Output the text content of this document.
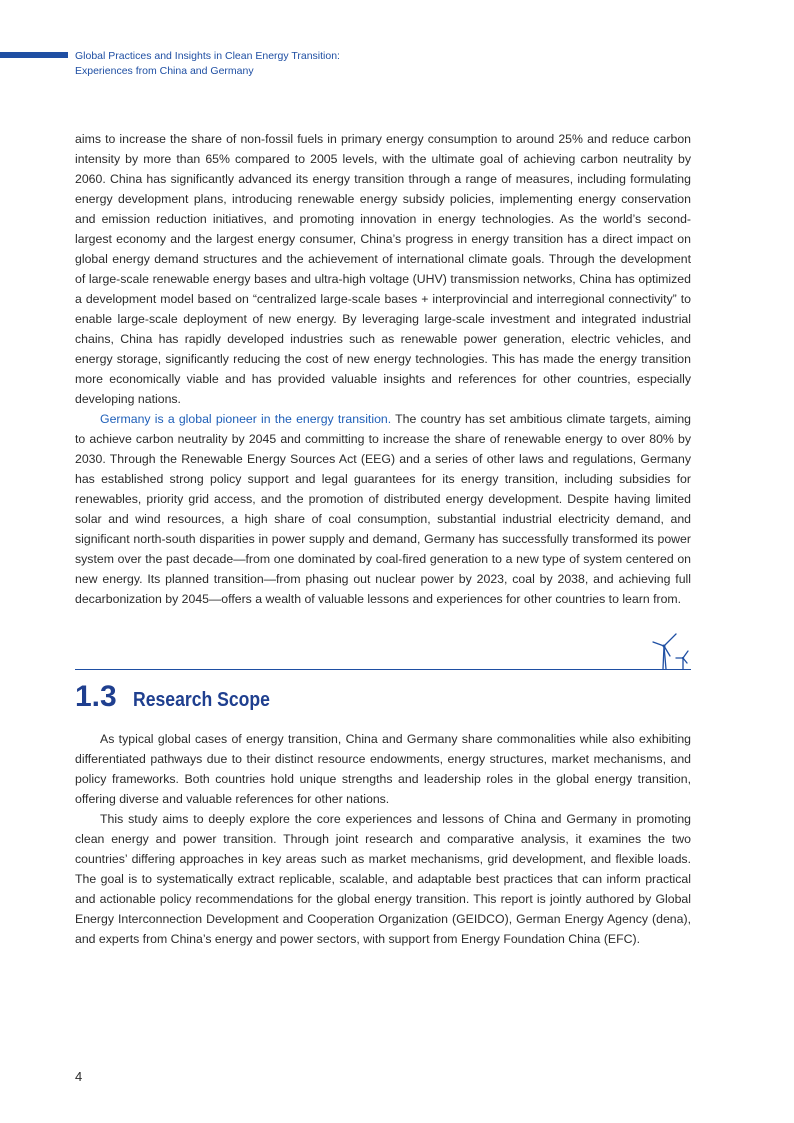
Global Practices and Insights in Clean Energy Transition:
Experiences from China and Germany

aims to increase the share of non-fossil fuels in primary energy consumption to around 25% and reduce carbon intensity by more than 65% compared to 2005 levels, with the ultimate goal of achieving carbon neutrality by 2060. China has significantly advanced its energy transition through a range of measures, including formulating energy development plans, introducing renewable energy subsidy policies, implementing energy conservation and emission reduction initiatives, and promoting innovation in energy technologies. As the world’s second-largest economy and the largest energy consumer, China’s progress in energy transition has a direct impact on global energy demand structures and the achievement of international climate goals. Through the development of large-scale renewable energy bases and ultra-high voltage (UHV) transmission networks, China has optimized a development model based on “centralized large-scale bases + interprovincial and interregional connectivity” to enable large-scale deployment of new energy. By leveraging large-scale investment and integrated industrial chains, China has rapidly developed industries such as renewable power generation, electric vehicles, and energy storage, significantly reducing the cost of new energy technologies. This has made the energy transition more economically viable and has provided valuable insights and references for other countries, especially developing nations.

Germany is a global pioneer in the energy transition. The country has set ambitious climate targets, aiming to achieve carbon neutrality by 2045 and committing to increase the share of renewable energy to over 80% by 2030. Through the Renewable Energy Sources Act (EEG) and a series of other laws and regulations, Germany has established strong policy support and legal guarantees for its energy transition, including subsidies for renewables, priority grid access, and the promotion of distributed energy development. Despite having limited solar and wind resources, a high share of coal consumption, substantial industrial electricity demand, and significant north-south disparities in power supply and demand, Germany has successfully transformed its power system over the past decade—from one dominated by coal-fired generation to a new type of system centered on new energy. Its planned transition—from phasing out nuclear power by 2023, coal by 2038, and achieving full decarbonization by 2045—offers a wealth of valuable lessons and experiences for other countries to learn from.

1.3 Research Scope

As typical global cases of energy transition, China and Germany share commonalities while also exhibiting differentiated pathways due to their distinct resource endowments, energy structures, market mechanisms, and policy frameworks. Both countries hold unique strengths and leadership roles in the global energy transition, offering diverse and valuable references for other nations.

This study aims to deeply explore the core experiences and lessons of China and Germany in promoting clean energy and power transition. Through joint research and comparative analysis, it examines the two countries’ differing approaches in key areas such as market mechanisms, grid development, and flexible loads. The goal is to systematically extract replicable, scalable, and adaptable best practices that can inform practical and actionable policy recommendations for the global energy transition. This report is jointly authored by Global Energy Interconnection Development and Cooperation Organization (GEIDCO), German Energy Agency (dena), and experts from China’s energy and power sectors, with support from Energy Foundation China (EFC).

4
